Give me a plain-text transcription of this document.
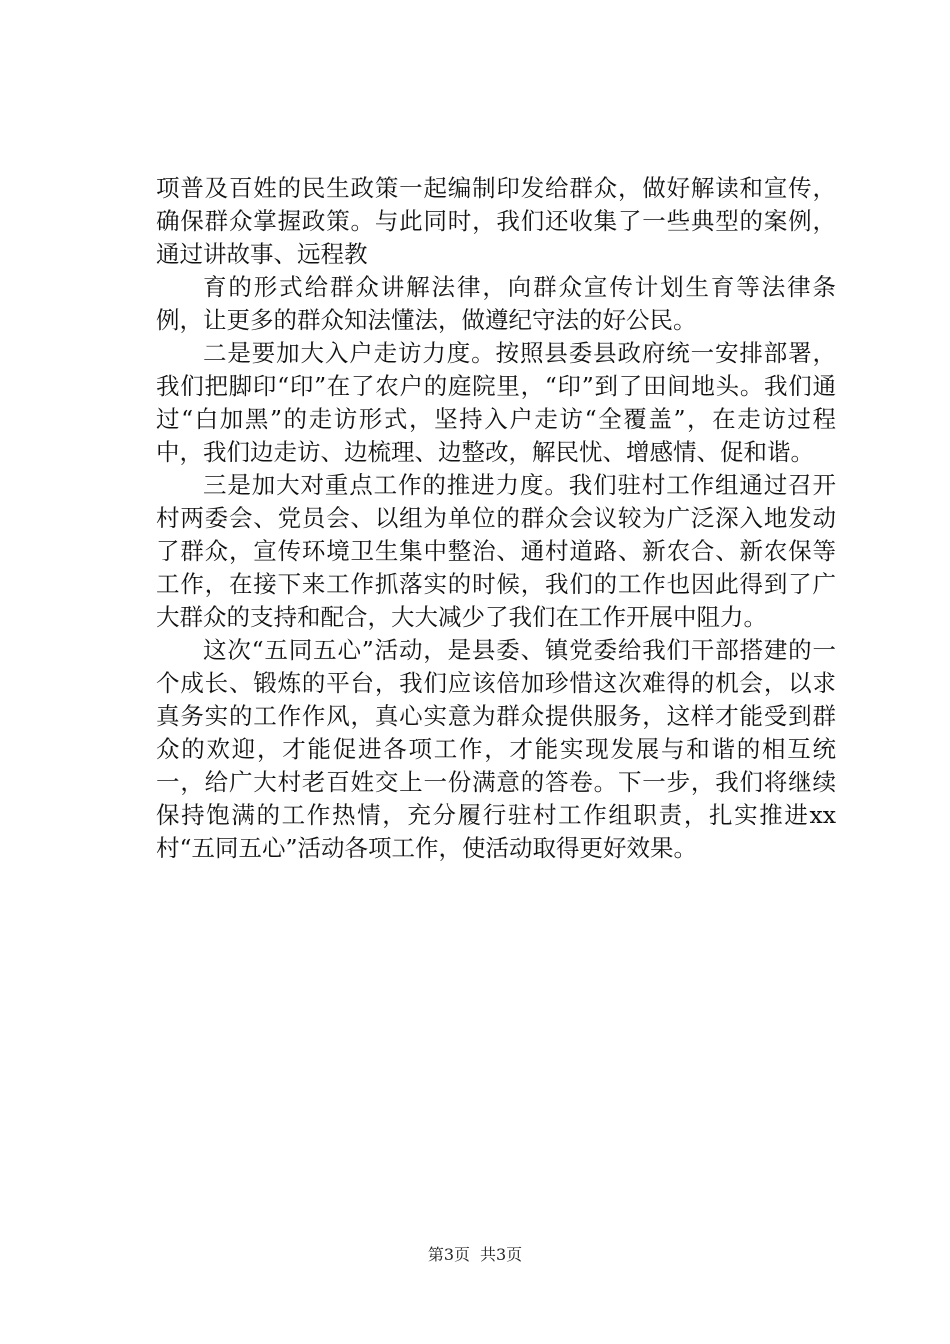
项普及百姓的民生政策一起编制印发给群众，做好解读和宣传，确保群众掌握政策。与此同时，我们还收集了一些典型的案例，通过讲故事、远程教

育的形式给群众讲解法律，向群众宣传计划生育等法律条例，让更多的群众知法懂法，做遵纪守法的好公民。

二是要加大入户走访力度。按照县委县政府统一安排部署，我们把脚印“印”在了农户的庭院里，“印”到了田间地头。我们通过“白加黑”的走访形式，坚持入户走访“全覆盖”，在走访过程中，我们边走访、边梳理、边整改，解民忧、增感情、促和谐。

三是加大对重点工作的推进力度。我们驻村工作组通过召开村两委会、党员会、以组为单位的群众会议较为广泛深入地发动了群众，宣传环境卫生集中整治、通村道路、新农合、新农保等工作，在接下来工作抓落实的时候，我们的工作也因此得到了广大群众的支持和配合，大大减少了我们在工作开展中阻力。

这次“五同五心”活动，是县委、镇党委给我们干部搭建的一个成长、锻炼的平台，我们应该倍加珍惜这次难得的机会，以求真务实的工作作风，真心实意为群众提供服务，这样才能受到群众的欢迎，才能促进各项工作，才能实现发展与和谐的相互统一，给广大村老百姓交上一份满意的答卷。下一步，我们将继续保持饱满的工作热情，充分履行驻村工作组职责，扎实推进xx村“五同五心”活动各项工作，使活动取得更好效果。

第3页 共3页
